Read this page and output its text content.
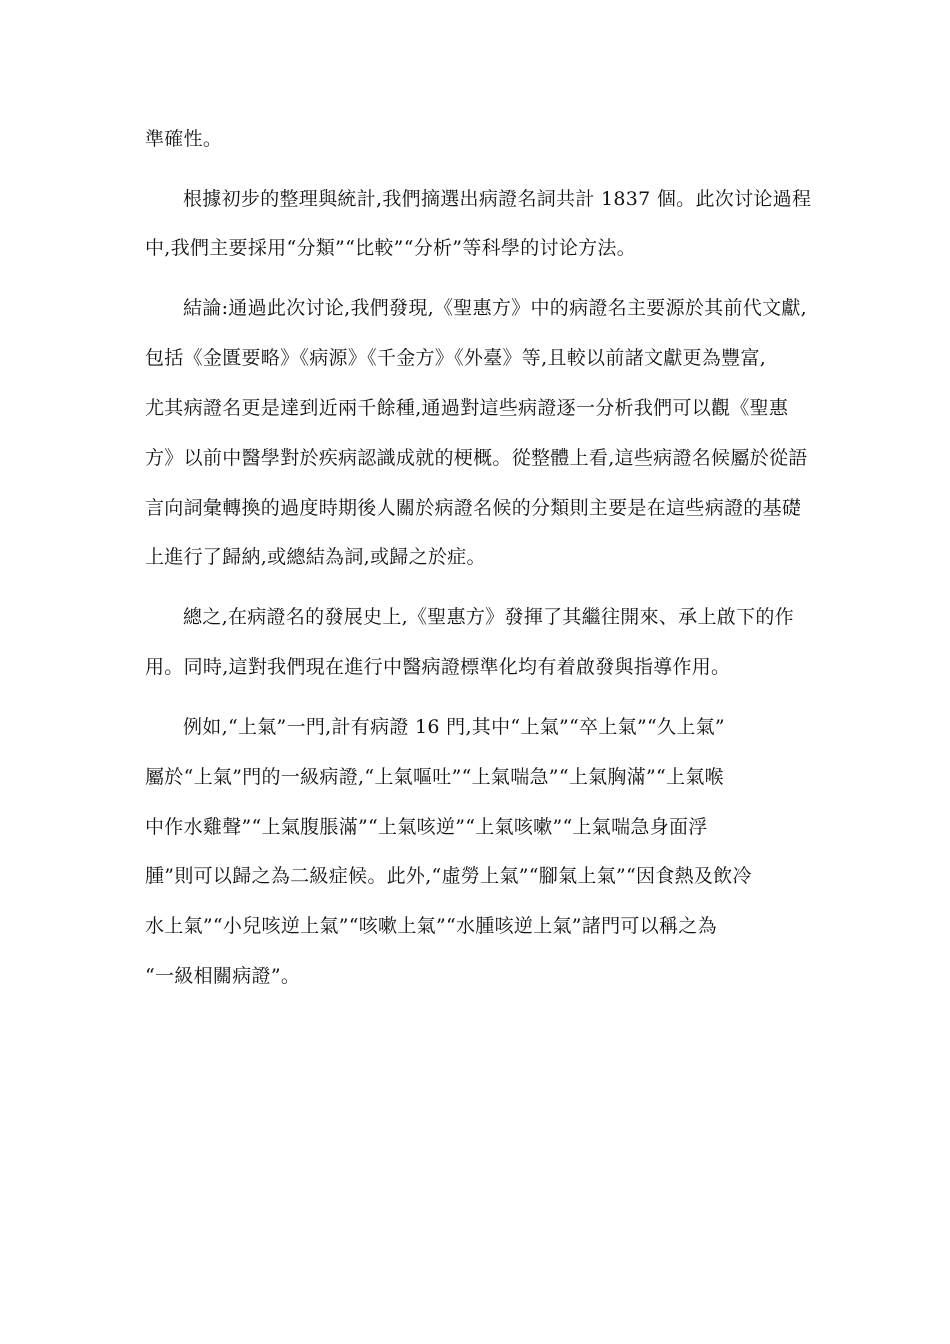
準確性。
根據初步的整理與統計,我們摘選出病證名詞共計 1837 個。此次讨论過程
中,我們主要採用“分類”“比較”“分析”等科學的讨论方法。
結論:通過此次讨论,我們發現,《聖惠方》中的病證名主要源於其前代文獻,
包括《金匱要略》《病源》《千金方》《外臺》等,且較以前諸文獻更為豐富,
尤其病證名更是達到近兩千餘種,通過對這些病證逐一分析我們可以觀《聖惠
方》以前中醫學對於疾病認識成就的梗概。從整體上看,這些病證名候屬於從語
言向詞彙轉換的過度時期後人關於病證名候的分類則主要是在這些病證的基礎
上進行了歸納,或總結為詞,或歸之於症。
總之,在病證名的發展史上,《聖惠方》發揮了其繼往開來、承上啟下的作
用。同時,這對我們現在進行中醫病證標準化均有着啟發與指導作用。
例如,“上氣”一門,計有病證 16 門,其中“上氣”“卒上氣”“久上氣”
屬於“上氣”門的一級病證,“上氣嘔吐”“上氣喘急”“上氣胸滿”“上氣喉
中作水雞聲”“上氣腹脹滿”“上氣咳逆”“上氣咳嗽”“上氣喘急身面浮
腫”則可以歸之為二級症候。此外,“虛勞上氣”“腳氣上氣”“因食熱及飲冷
水上氣”“小兒咳逆上氣”“咳嗽上氣”“水腫咳逆上氣”諸門可以稱之為
“一級相關病證”。
